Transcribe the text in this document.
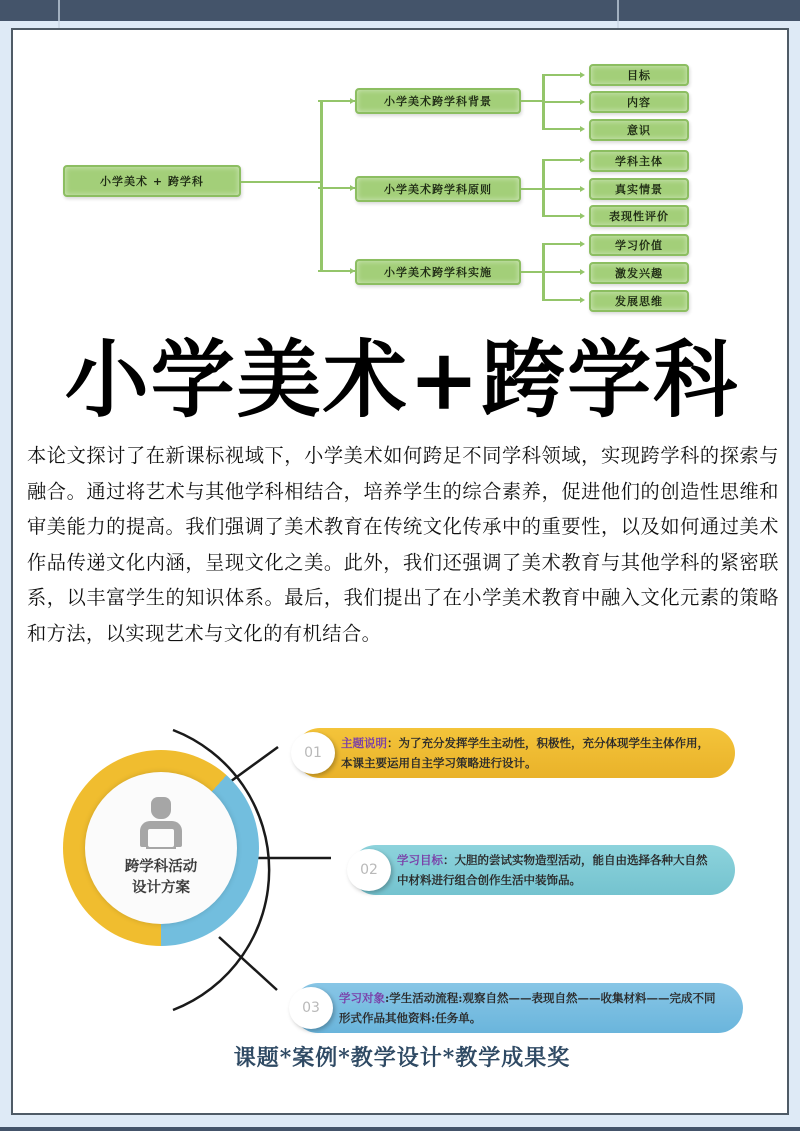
小学美术 + 跨学科
小学美术跨学科背景
目标
内容
意识
小学美术跨学科原则
学科主体
真实情景
表现性评价
小学美术跨学科实施
学习价值
激发兴趣
发展思维
小学美术+跨学科
本论文探讨了在新课标视域下，小学美术如何跨足不同学科领域，实现跨学科的探索与融合。通过将艺术与其他学科相结合，培养学生的综合素养，促进他们的创造性思维和审美能力的提高。我们强调了美术教育在传统文化传承中的重要性，以及如何通过美术作品传递文化内涵，呈现文化之美。此外，我们还强调了美术教育与其他学科的紧密联系，以丰富学生的知识体系。最后，我们提出了在小学美术教育中融入文化元素的策略和方法，以实现艺术与文化的有机结合。
跨学科活动
设计方案
01
主题说明：为了充分发挥学生主动性，积极性，充分体现学生主体作用，本课主要运用自主学习策略进行设计。
02
学习目标：大胆的尝试实物造型活动，能自由选择各种大自然中材料进行组合创作生活中装饰品。
03
学习对象:学生活动流程:观察自然——表现自然——收集材料——完成不同形式作品其他资料:任务单。
课题*案例*教学设计*教学成果奖
